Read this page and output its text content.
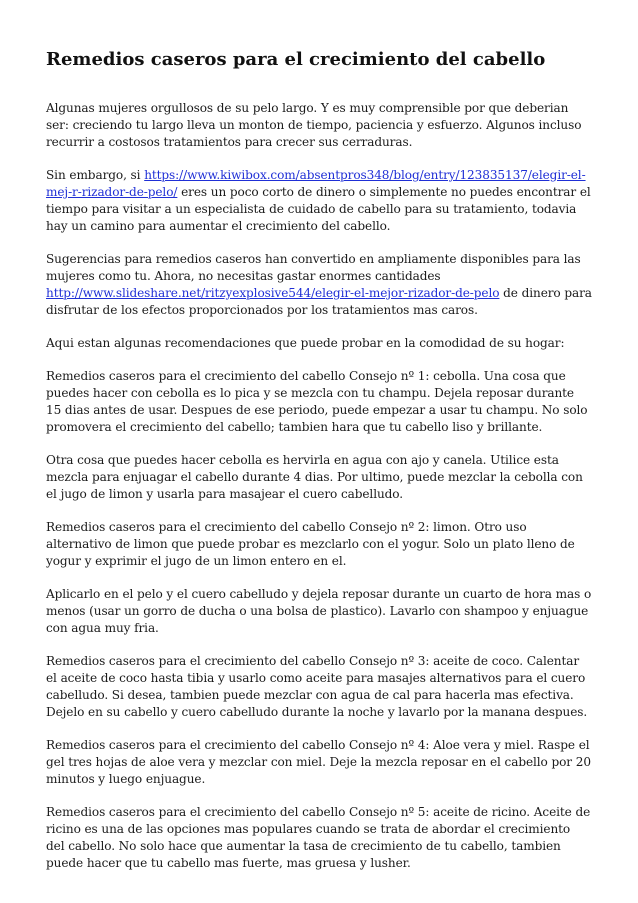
Remedios caseros para el crecimiento del cabello

Algunas mujeres orgullosos de su pelo largo. Y es muy comprensible por que deberian ser: creciendo tu largo lleva un monton de tiempo, paciencia y esfuerzo. Algunos incluso recurrir a costosos tratamientos para crecer sus cerraduras.

Sin embargo, si https://www.kiwibox.com/absentpros348/blog/entry/123835137/elegir-el-mej-r-rizador-de-pelo/ eres un poco corto de dinero o simplemente no puedes encontrar el tiempo para visitar a un especialista de cuidado de cabello para su tratamiento, todavia hay un camino para aumentar el crecimiento del cabello.

Sugerencias para remedios caseros han convertido en ampliamente disponibles para las mujeres como tu. Ahora, no necesitas gastar enormes cantidades http://www.slideshare.net/ritzyexplosive544/elegir-el-mejor-rizador-de-pelo de dinero para disfrutar de los efectos proporcionados por los tratamientos mas caros.

Aqui estan algunas recomendaciones que puede probar en la comodidad de su hogar:

Remedios caseros para el crecimiento del cabello Consejo nº 1: cebolla. Una cosa que puedes hacer con cebolla es lo pica y se mezcla con tu champu. Dejela reposar durante 15 dias antes de usar. Despues de ese periodo, puede empezar a usar tu champu. No solo promovera el crecimiento del cabello; tambien hara que tu cabello liso y brillante.

Otra cosa que puedes hacer cebolla es hervirla en agua con ajo y canela. Utilice esta mezcla para enjuagar el cabello durante 4 dias. Por ultimo, puede mezclar la cebolla con el jugo de limon y usarla para masajear el cuero cabelludo.

Remedios caseros para el crecimiento del cabello Consejo nº 2: limon. Otro uso alternativo de limon que puede probar es mezclarlo con el yogur. Solo un plato lleno de yogur y exprimir el jugo de un limon entero en el.

Aplicarlo en el pelo y el cuero cabelludo y dejela reposar durante un cuarto de hora mas o menos (usar un gorro de ducha o una bolsa de plastico). Lavarlo con shampoo y enjuague con agua muy fria.

Remedios caseros para el crecimiento del cabello Consejo nº 3: aceite de coco. Calentar el aceite de coco hasta tibia y usarlo como aceite para masajes alternativos para el cuero cabelludo. Si desea, tambien puede mezclar con agua de cal para hacerla mas efectiva. Dejelo en su cabello y cuero cabelludo durante la noche y lavarlo por la manana despues.

Remedios caseros para el crecimiento del cabello Consejo nº 4: Aloe vera y miel. Raspe el gel tres hojas de aloe vera y mezclar con miel. Deje la mezcla reposar en el cabello por 20 minutos y luego enjuague.

Remedios caseros para el crecimiento del cabello Consejo nº 5: aceite de ricino. Aceite de ricino es una de las opciones mas populares cuando se trata de abordar el crecimiento del cabello. No solo hace que aumentar la tasa de crecimiento de tu cabello, tambien puede hacer que tu cabello mas fuerte, mas gruesa y lusher.
